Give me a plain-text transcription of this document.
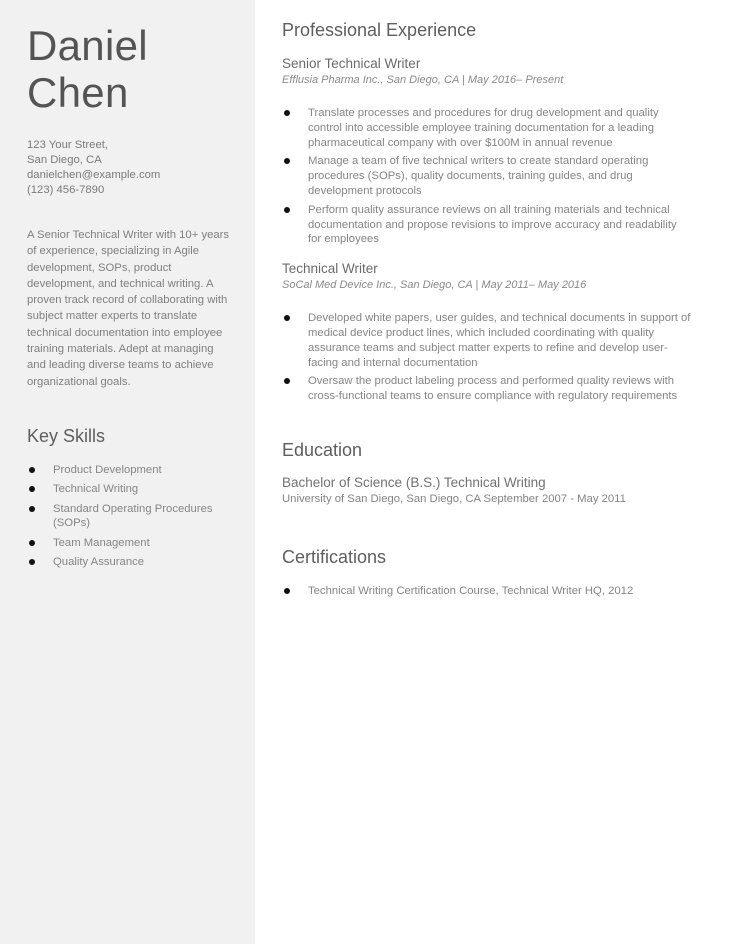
Daniel
Chen
123 Your Street,
San Diego, CA
danielchen@example.com
(123) 456-7890

A Senior Technical Writer with 10+ years of experience, specializing in Agile development, SOPs, product development, and technical writing. A proven track record of collaborating with subject matter experts to translate technical documentation into employee training materials. Adept at managing and leading diverse teams to achieve organizational goals.

Key Skills
Product Development
Technical Writing
Standard Operating Procedures (SOPs)
Team Management
Quality Assurance
Professional Experience
Senior Technical Writer
Efflusia Pharma Inc., San Diego, CA | May 2016– Present
Translate processes and procedures for drug development and quality control into accessible employee training documentation for a leading pharmaceutical company with over $100M in annual revenue
Manage a team of five technical writers to create standard operating procedures (SOPs), quality documents, training guides, and drug development protocols
Perform quality assurance reviews on all training materials and technical documentation and propose revisions to improve accuracy and readability for employees
Technical Writer
SoCal Med Device Inc., San Diego, CA | May 2011– May 2016
Developed white papers, user guides, and technical documents in support of medical device product lines, which included coordinating with quality assurance teams and subject matter experts to refine and develop user-facing and internal documentation
Oversaw the product labeling process and performed quality reviews with cross-functional teams to ensure compliance with regulatory requirements
Education
Bachelor of Science (B.S.) Technical Writing
University of San Diego, San Diego, CA September 2007 - May 2011
Certifications
Technical Writing Certification Course, Technical Writer HQ, 2012
